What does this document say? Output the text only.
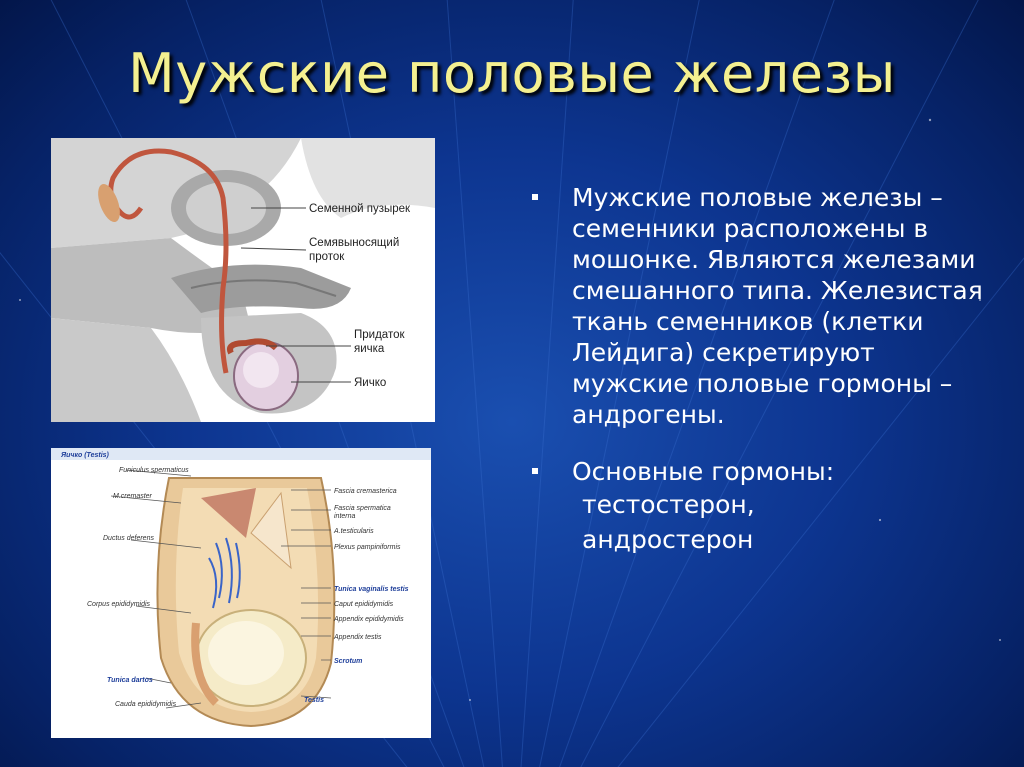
Мужские половые железы
Семенной пузырек
Семявыносящий
проток
Придаток
яичка
Яичко
Яичко (Testis)
Funiculus spermaticus
M.cremaster
Ductus deferens
Corpus epididymidis
Tunica dartos
Cauda epididymidis
Fascia cremasterica
Fascia spermatica
interna
A.testicularis
Plexus pampiniformis
Tunica vaginalis testis
Caput epididymidis
Appendix epididymidis
Appendix testis
Scrotum
Testis
Мужские половые железы – семенники расположены в мошонке. Являются железами смешанного типа. Железистая ткань семенников (клетки Лейдига) секретируют мужские половые гормоны – андрогены.
Основные гормоны:
тестостерон,
андростерон
